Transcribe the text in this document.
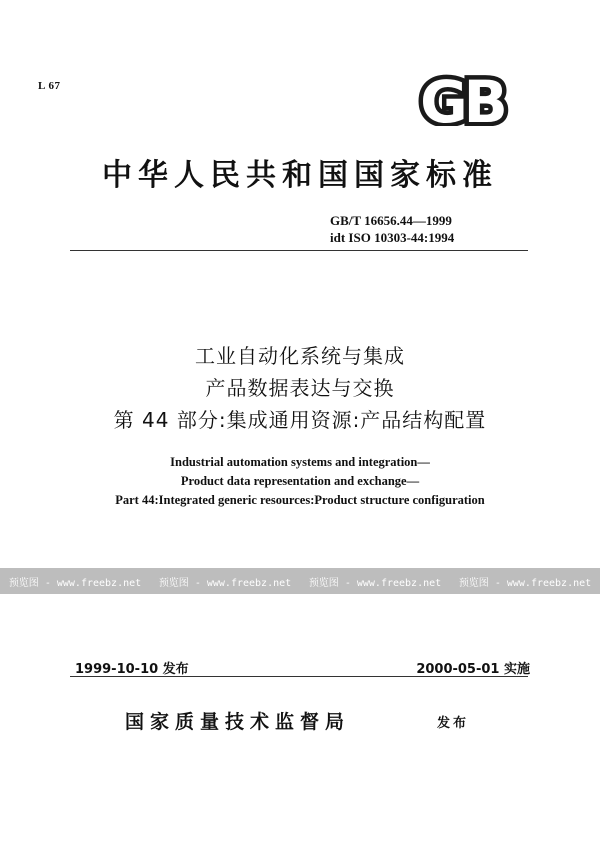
L 67	GB
中华人民共和国国家标准
GB/T 16656.44—1999
idt ISO 10303-44:1994
工业自动化系统与集成
产品数据表达与交换
第 44 部分:集成通用资源:产品结构配置
Industrial automation systems and integration—
Product data representation and exchange—
Part 44:Integrated generic resources:Product structure configuration
预览图 - www.freebz.net 预览图 - www.freebz.net 预览图 - www.freebz.net 预览图 - www.freebz.net
1999-10-10 发布	2000-05-01 实施
国家质量技术监督局	发布
